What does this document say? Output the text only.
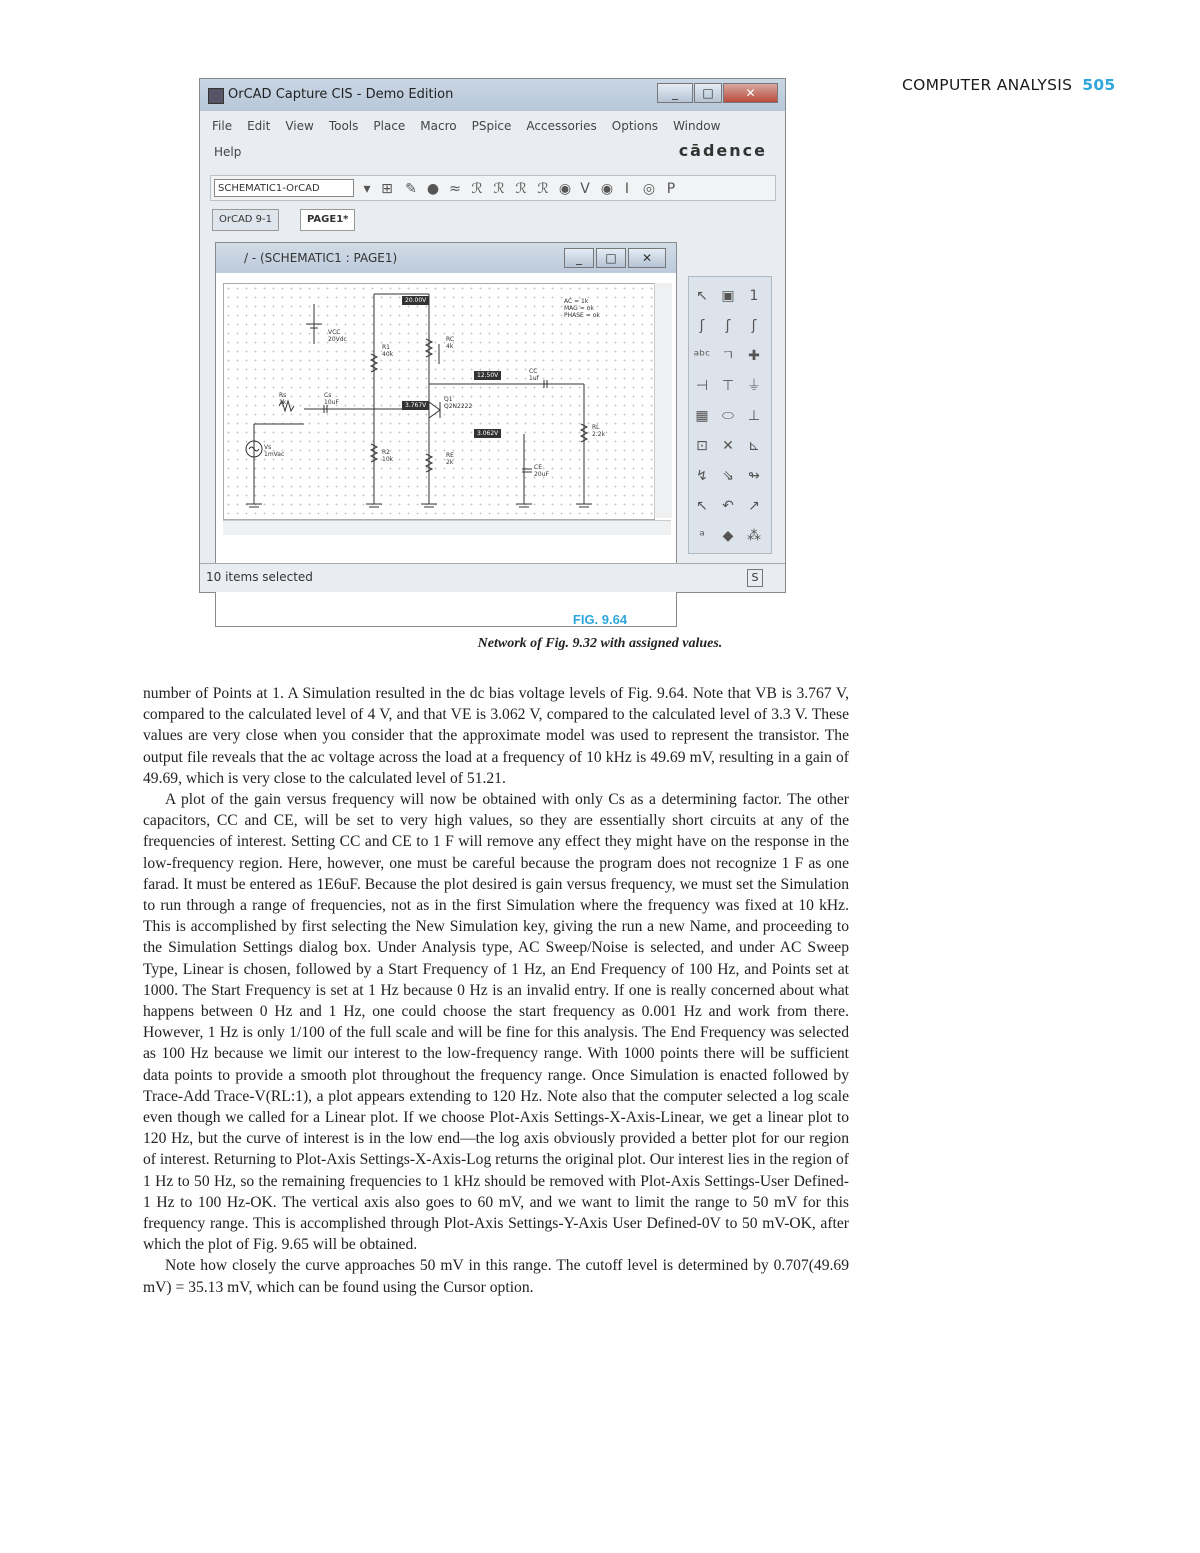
COMPUTER ANALYSIS 505
OrCAD Capture CIS - Demo Edition	_	□	✕
File Edit View Tools Place Macro PSpice Accessories Options Window
Help	cādence
SCHEMATIC1-OrCAD	▾ ⊞ ✎ ● ≈ ℛ ℛ ℛ ℛ ◉ V ◉ I ◎ P
OrCAD 9-1	PAGE1*
/ - (SCHEMATIC1 : PAGE1)	_	□	✕
VCC
20Vdc
R1
40k
RC
4k
CC
1uf
Rs
1k
Cs
10uF	Q1
Q2N2222
RL
2.2k
Vs
1mVac	R2
10k
RE
2k
CE
20uF
AC = 1k
MAG = ok
PHASE = ok
20.00V
12.50V
3.767V
3.062V
↖ ▣	1
ʃ	ʃ	ʃ
ᵃᵇᶜ ㄱ ✚
⊣ ⊤ ⏚
▦ ⬭ ⊥
⊡ ✕ ⊾
↯ ⇘ ↬
↖ ↶ ↗
ᵃ	◆ ⁂
10 items selected	S
FIG. 9.64
Network of Fig. 9.32 with assigned values.

number of Points at 1. A Simulation resulted in the dc bias voltage levels of Fig. 9.64. Note that VB is 3.767 V, compared to the calculated level of 4 V, and that VE is 3.062 V, compared to the calculated level of 3.3 V. These values are very close when you consider that the approximate model was used to represent the transistor. The output file reveals that the ac voltage across the load at a frequency of 10 kHz is 49.69 mV, resulting in a gain of 49.69, which is very close to the calculated level of 51.21.

A plot of the gain versus frequency will now be obtained with only Cs as a determining factor. The other capacitors, CC and CE, will be set to very high values, so they are essentially short circuits at any of the frequencies of interest. Setting CC and CE to 1 F will remove any effect they might have on the response in the low-frequency region. Here, however, one must be careful because the program does not recognize 1 F as one farad. It must be entered as 1E6uF. Because the plot desired is gain versus frequency, we must set the Simulation to run through a range of frequencies, not as in the first Simulation where the frequency was fixed at 10 kHz. This is accomplished by first selecting the New Simulation key, giving the run a new Name, and proceeding to the Simulation Settings dialog box. Under Analysis type, AC Sweep/Noise is selected, and under AC Sweep Type, Linear is chosen, followed by a Start Frequency of 1 Hz, an End Frequency of 100 Hz, and Points set at 1000. The Start Frequency is set at 1 Hz because 0 Hz is an invalid entry. If one is really concerned about what happens between 0 Hz and 1 Hz, one could choose the start frequency as 0.001 Hz and work from there. However, 1 Hz is only 1/100 of the full scale and will be fine for this analysis. The End Frequency was selected as 100 Hz because we limit our interest to the low-frequency range. With 1000 points there will be sufficient data points to provide a smooth plot throughout the frequency range. Once Simulation is enacted followed by Trace-Add Trace-V(RL:1), a plot appears extending to 120 Hz. Note also that the computer selected a log scale even though we called for a Linear plot. If we choose Plot-Axis Settings-X-Axis-Linear, we get a linear plot to 120 Hz, but the curve of interest is in the low end—the log axis obviously provided a better plot for our region of interest. Returning to Plot-Axis Settings-X-Axis-Log returns the original plot. Our interest lies in the region of 1 Hz to 50 Hz, so the remaining frequencies to 1 kHz should be removed with Plot-Axis Settings-User Defined-1 Hz to 100 Hz-OK. The vertical axis also goes to 60 mV, and we want to limit the range to 50 mV for this frequency range. This is accomplished through Plot-Axis Settings-Y-Axis User Defined-0V to 50 mV-OK, after which the plot of Fig. 9.65 will be obtained.

Note how closely the curve approaches 50 mV in this range. The cutoff level is determined by 0.707(49.69 mV) = 35.13 mV, which can be found using the Cursor option.
